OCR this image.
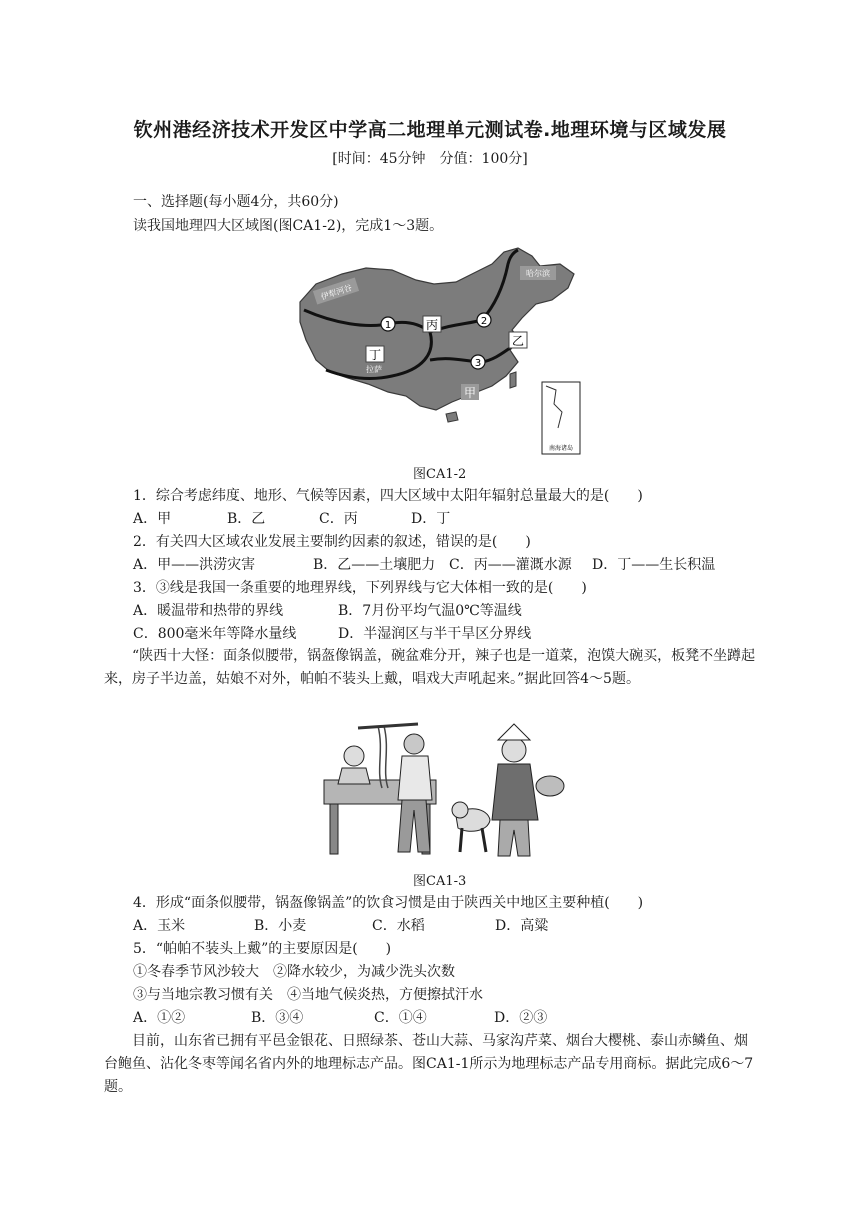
钦州港经济技术开发区中学高二地理单元测试卷.地理环境与区域发展
[时间：45分钟　分值：100分]
一、选择题(每小题4分，共60分)
读我国地理四大区域图(图CA1-2)，完成1～3题。
伊犁河谷
哈尔滨
丙
乙
丁
拉萨
甲
1	2
3
南海诸岛
图CA1-2
1．综合考虑纬度、地形、气候等因素，四大区域中太阳年辐射总量最大的是(　　)
A．甲	B．乙	C．丙	D．丁
2．有关四大区域农业发展主要制约因素的叙述，错误的是(　　)
A．甲——洪涝灾害	B．乙——土壤肥力 C．丙——灌溉水源 D．丁——生长积温
3．③线是我国一条重要的地理界线，下列界线与它大体相一致的是(　　)
A．暖温带和热带的界线	B．7月份平均气温0℃等温线
C．800毫米年等降水量线	D．半湿润区与半干旱区分界线
“陕西十大怪：面条似腰带，锅盔像锅盖，碗盆难分开，辣子也是一道菜，泡馍大碗买，板凳不坐蹲起来，房子半边盖，姑娘不对外，帕帕不装头上戴，唱戏大声吼起来。”据此回答4～5题。
图CA1-3
4．形成“面条似腰带，锅盔像锅盖”的饮食习惯是由于陕西关中地区主要种植(　　)
A．玉米	B．小麦	C．水稻	D．高粱
5．“帕帕不装头上戴”的主要原因是(　　)
①冬春季节风沙较大　②降水较少，为减少洗头次数
③与当地宗教习惯有关　④当地气候炎热，方便擦拭汗水
A．①②	B．③④	C．①④	D．②③
目前，山东省已拥有平邑金银花、日照绿茶、苍山大蒜、马家沟芹菜、烟台大樱桃、泰山赤鳞鱼、烟台鲍鱼、沾化冬枣等闻名省内外的地理标志产品。图CA1-1所示为地理标志产品专用商标。据此完成6～7题。
